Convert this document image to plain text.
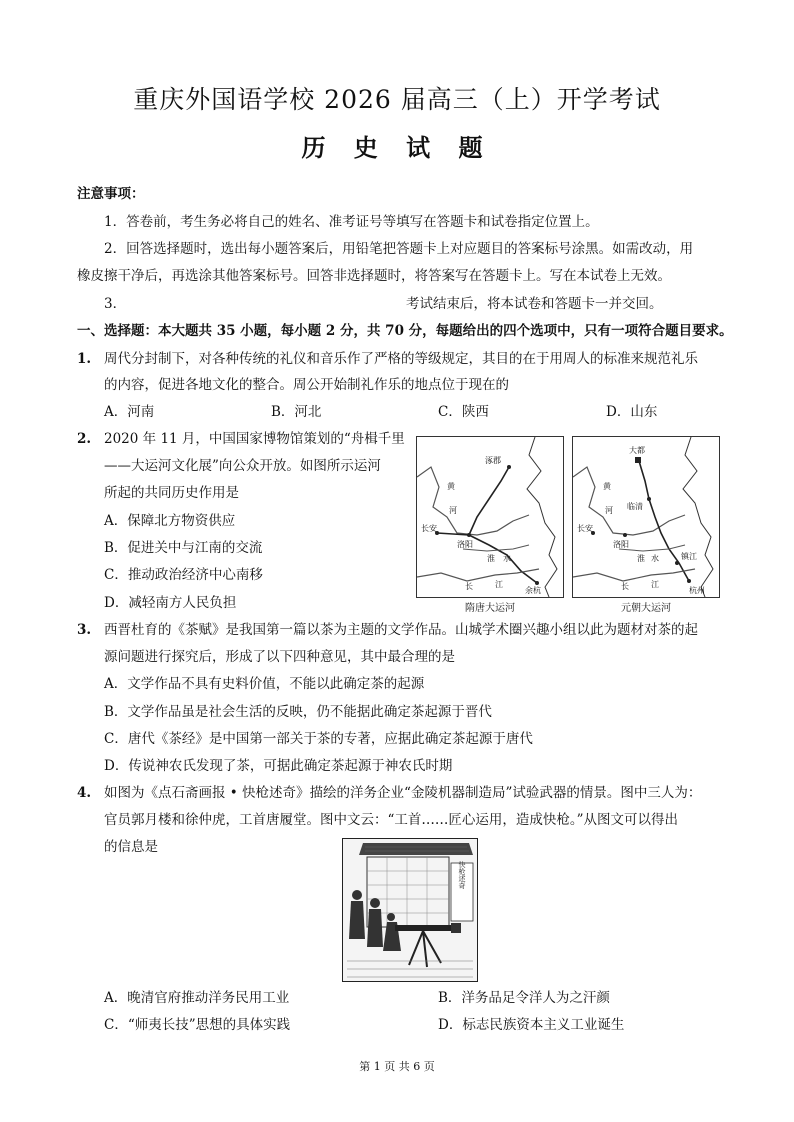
重庆外国语学校 2026 届高三（上）开学考试
历 史 试 题
注意事项：
1．答卷前，考生务必将自己的姓名、准考证号等填写在答题卡和试卷指定位置上。
2．回答选择题时，选出每小题答案后，用铅笔把答题卡上对应题目的答案标号涂黑。如需改动，用
橡皮擦干净后，再选涂其他答案标号。回答非选择题时，将答案写在答题卡上。写在本试卷上无效。
3．	考试结束后，将本试卷和答题卡一并交回。
一、选择题：本大题共 35 小题，每小题 2 分，共 70 分，每题给出的四个选项中，只有一项符合题目要求。
1. 周代分封制下，对各种传统的礼仪和音乐作了严格的等级规定，其目的在于用周人的标准来规范礼乐
的内容，促进各地文化的整合。周公开始制礼作乐的地点位于现在的
A．河南	B．河北	C．陕西	D．山东
2. 2020 年 11 月，中国国家博物馆策划的“舟楫千里
——大运河文化展”向公众开放。如图所示运河
所起的共同历史作用是
A．保障北方物资供应
B．促进关中与江南的交流
C．推动政治经济中心南移
D．减轻南方人民负担
涿郡
黄
河
长安
洛阳
淮 水
长	江
余杭
隋唐大运河
大都
临清
黄
河
长安
洛阳
淮 水	镇江
长	江
杭州
元朝大运河
3. 西晋杜育的《茶赋》是我国第一篇以茶为主题的文学作品。山城学术圈兴趣小组以此为题材对茶的起
源问题进行探究后，形成了以下四种意见，其中最合理的是
A．文学作品不具有史料价值，不能以此确定茶的起源
B．文学作品虽是社会生活的反映，仍不能据此确定茶起源于晋代
C．唐代《茶经》是中国第一部关于茶的专著，应据此确定茶起源于唐代
D．传说神农氏发现了茶，可据此确定茶起源于神农氏时期
4. 如图为《点石斋画报 • 快枪述奇》描绘的洋务企业“金陵机器制造局”试验武器的情景。图中三人为：
官员郭月楼和徐仲虎，工首唐履堂。图中文云：“工首……匠心运用，造成快枪。”从图文可以得出
的信息是
快枪述奇
A．晚清官府推动洋务民用工业	B．洋务品足令洋人为之汗颜
C．“师夷长技”思想的具体实践	D．标志民族资本主义工业诞生
第 1 页 共 6 页
